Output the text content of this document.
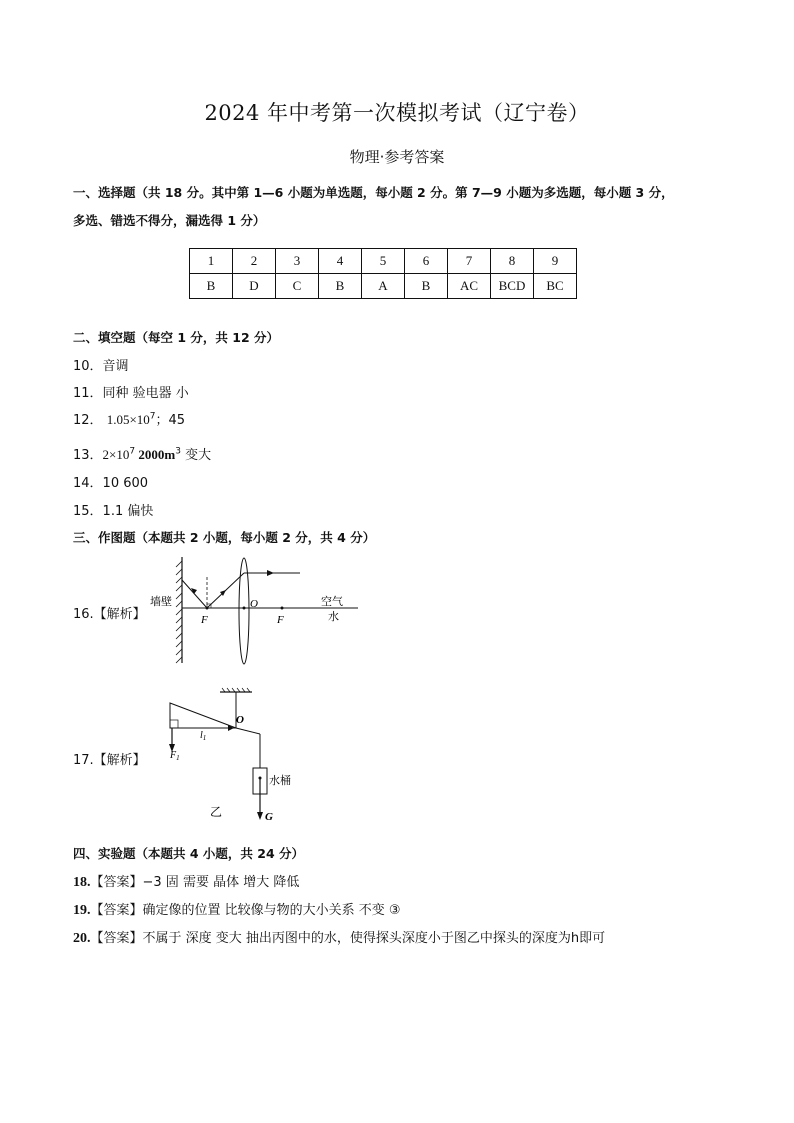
2024 年中考第一次模拟考试（辽宁卷）
物理·参考答案
一、选择题（共 18 分。其中第 1—6 小题为单选题，每小题 2 分。第 7—9 小题为多选题，每小题 3 分，
多选、错选不得分，漏选得 1 分）
1	2	3	4	5	6	7	8	9
B	D	C	B	A	B	AC	BCD	BC
二、填空题（每空 1 分，共 12 分）
10．音调
11．同种 验电器 小
12． $1.05\times 10^7$；45
13．$2\times 10^7$ $2000m^3$ 变大
14．10 600
15．1.1 偏快
三、作图题（本题共 2 小题，每小题 2 分，共 4 分）
16.【解析】
墙壁
F
O
F
空气
水
17.【解析】
O
$l_1$
$F_1$
水桶
G
乙
四、实验题（本题共 4 小题，共 24 分）
18.【答案】−3 固 需要 晶体 增大 降低
19.【答案】确定像的位置 比较像与物的大小关系 不变 ③
20.【答案】不属于 深度 变大 抽出丙图中的水，使得探头深度小于图乙中探头的深度为h即可
